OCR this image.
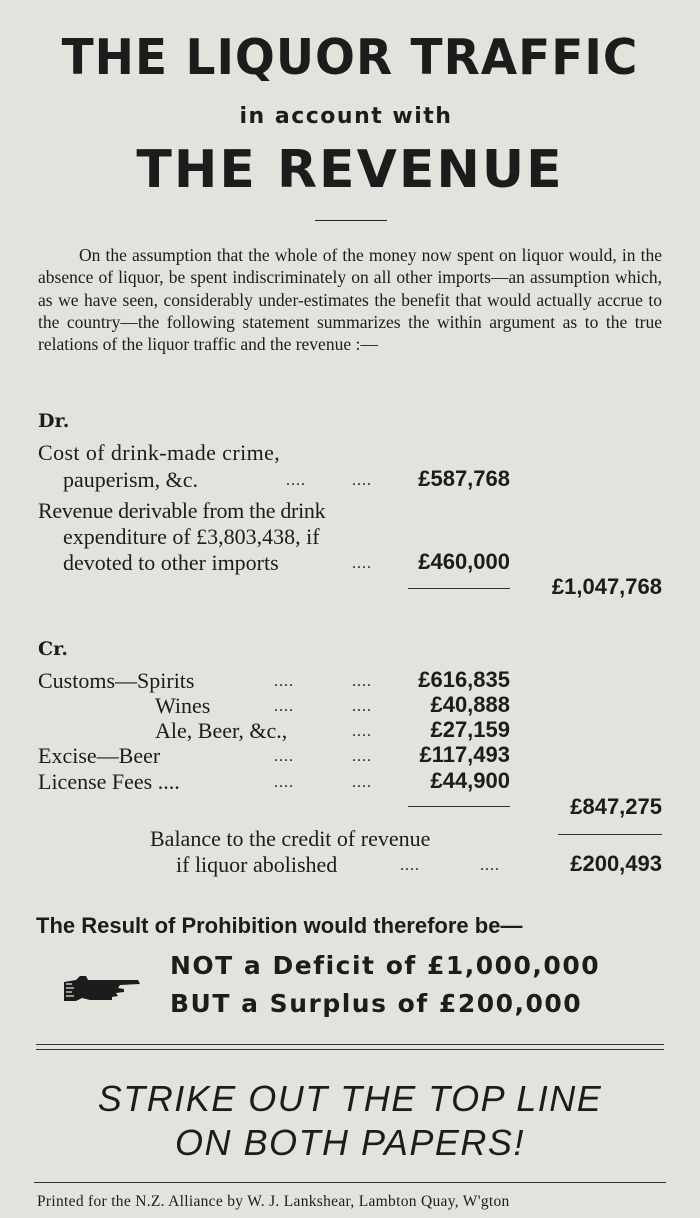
THE LIQUOR TRAFFIC
in account with
THE REVENUE
On the assumption that the whole of the money now spent on liquor would, in the absence of liquor, be spent indiscriminately on all other imports—an assumption which, as we have seen, considerably under-estimates the benefit that would actually accrue to the country—the following statement summarizes the within argument as to the true relations of the liquor traffic and the revenue :—
Dr.
Cost of drink-made crime,
pauperism, &c.	....	....	£587,768
Revenue derivable from the drink
expenditure of £3,803,438, if
devoted to other imports	....	£460,000
£1,047,768
Cr.
Customs—Spirits	....	....	£616,835
Wines	....	....	£40,888
Ale, Beer, &c.,	....	£27,159
Excise—Beer	....	....	£117,493
License Fees ....	....	....	£44,900
£847,275
Balance to the credit of revenue
if liquor abolished	....	....	£200,493
The Result of Prohibition would therefore be—
NOT a Deficit of £1,000,000
BUT a Surplus of £200,000
STRIKE OUT THE TOP LINE
ON BOTH PAPERS!
Printed for the N.Z. Alliance by W. J. Lankshear, Lambton Quay, W'gton
